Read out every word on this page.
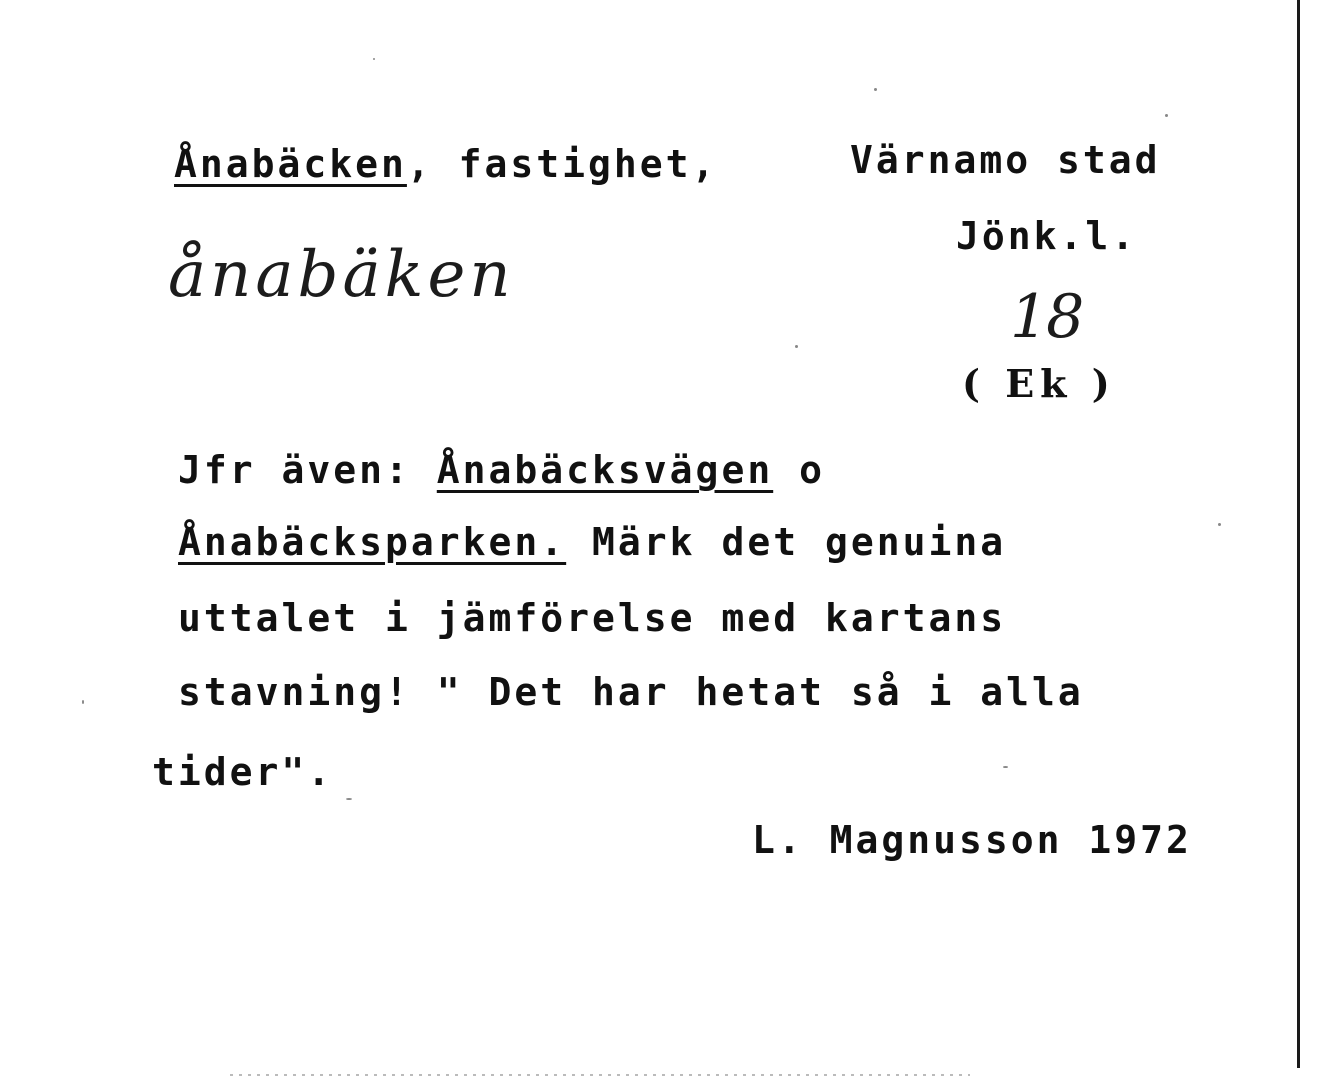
Ånabäcken, fastighet,	Värnamo stad
Jönk.l.
ånabäken
18
( Ek )
Jfr även: Ånabäcksvägen o
Ånabäcksparken. Märk det genuina
uttalet i jämförelse med kartans
stavning! " Det har hetat så i alla
tider".
L. Magnusson 1972
